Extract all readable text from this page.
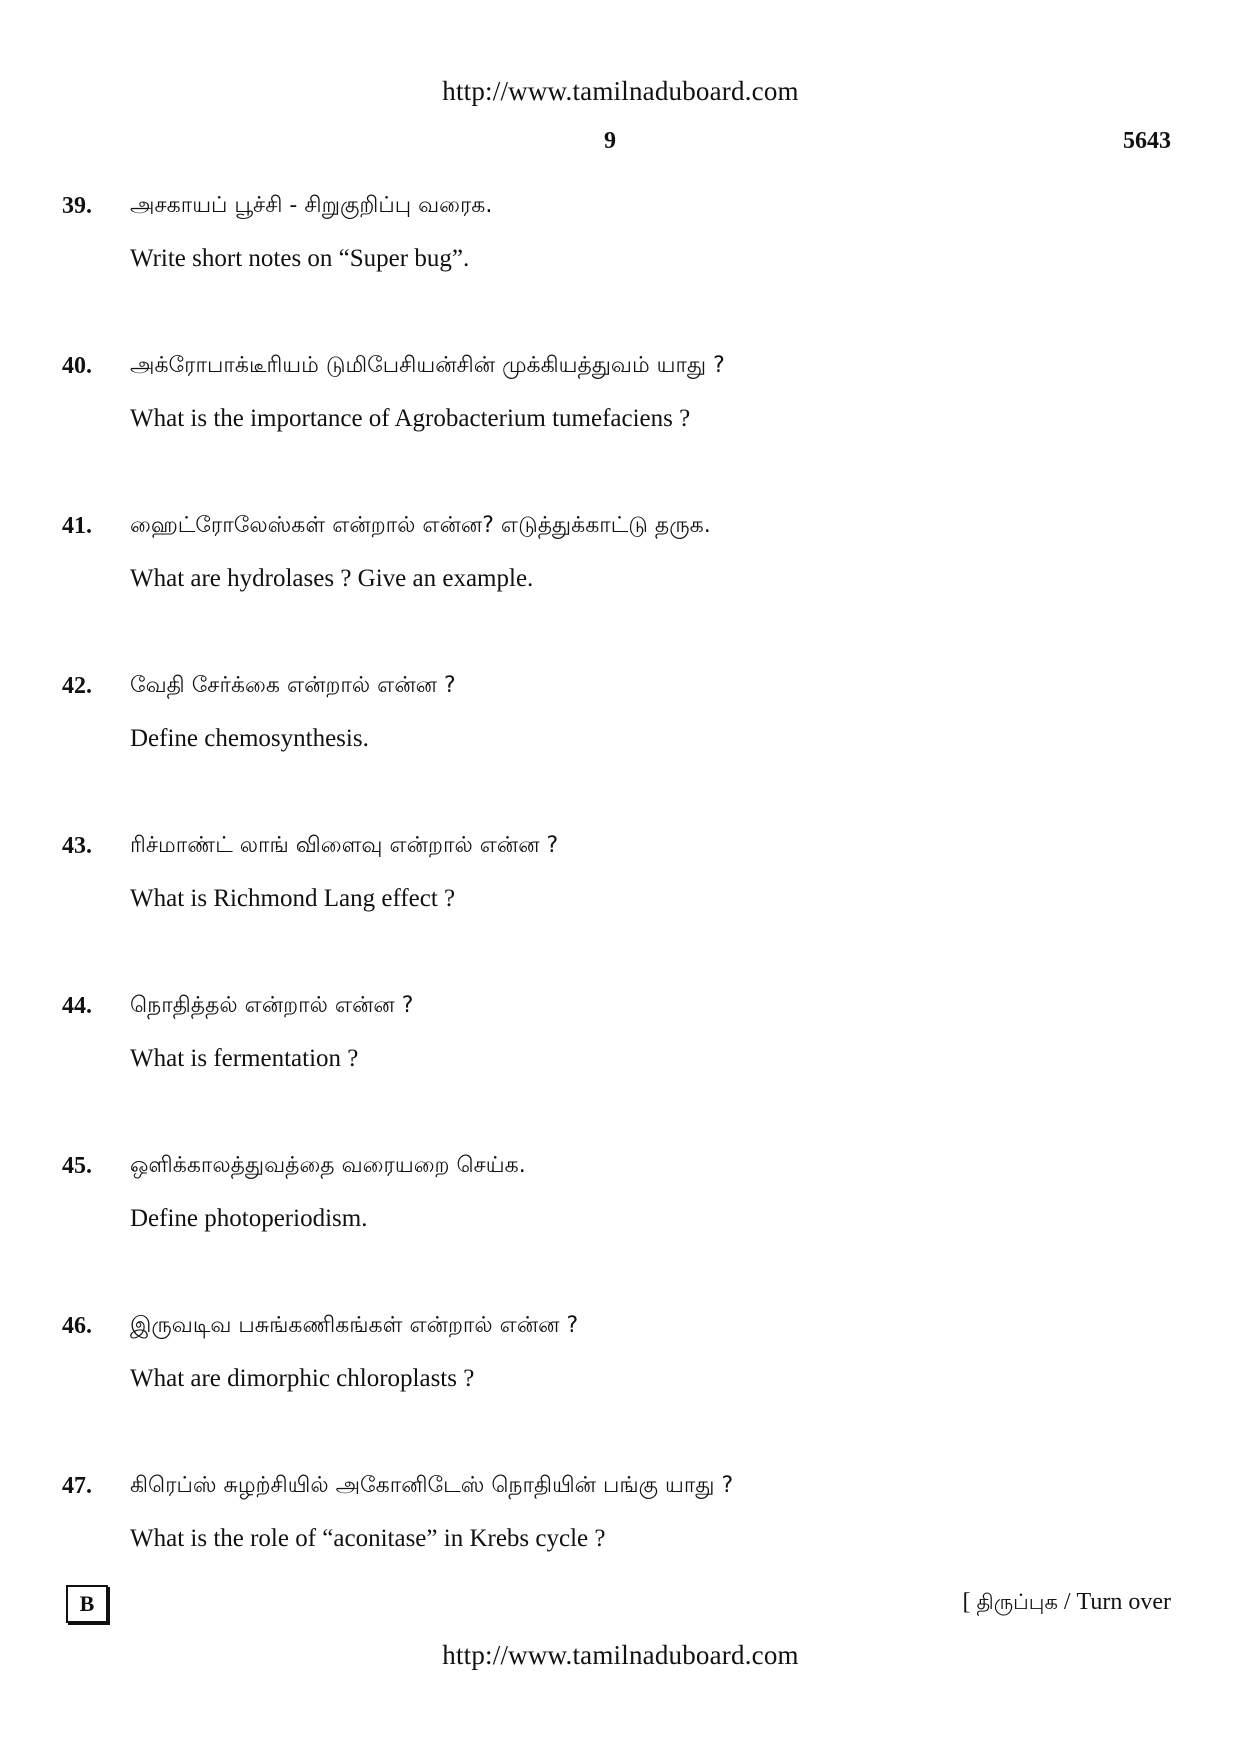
http://www.tamilnaduboard.com
9	5643
39. அசகாயப் பூச்சி - சிறுகுறிப்பு வரைக.
Write short notes on “Super bug”.
40. அக்ரோபாக்டீரியம் டுமிபேசியன்சின் முக்கியத்துவம் யாது ?
What is the importance of Agrobacterium tumefaciens ?
41. ஹைட்ரோலேஸ்கள் என்றால் என்ன? எடுத்துக்காட்டு தருக.
What are hydrolases ? Give an example.
42. வேதி சேர்க்கை என்றால் என்ன ?
Define chemosynthesis.
43. ரிச்மாண்ட் லாங் விளைவு என்றால் என்ன ?
What is Richmond Lang effect ?
44. நொதித்தல் என்றால் என்ன ?
What is fermentation ?
45. ஒளிக்காலத்துவத்தை வரையறை செய்க.
Define photoperiodism.
46. இருவடிவ பசுங்கணிகங்கள் என்றால் என்ன ?
What are dimorphic chloroplasts ?
47. கிரெப்ஸ் சுழற்சியில் அகோனிடேஸ் நொதியின் பங்கு யாது ?
What is the role of “aconitase” in Krebs cycle ?
B	[ திருப்புக / Turn over
http://www.tamilnaduboard.com
